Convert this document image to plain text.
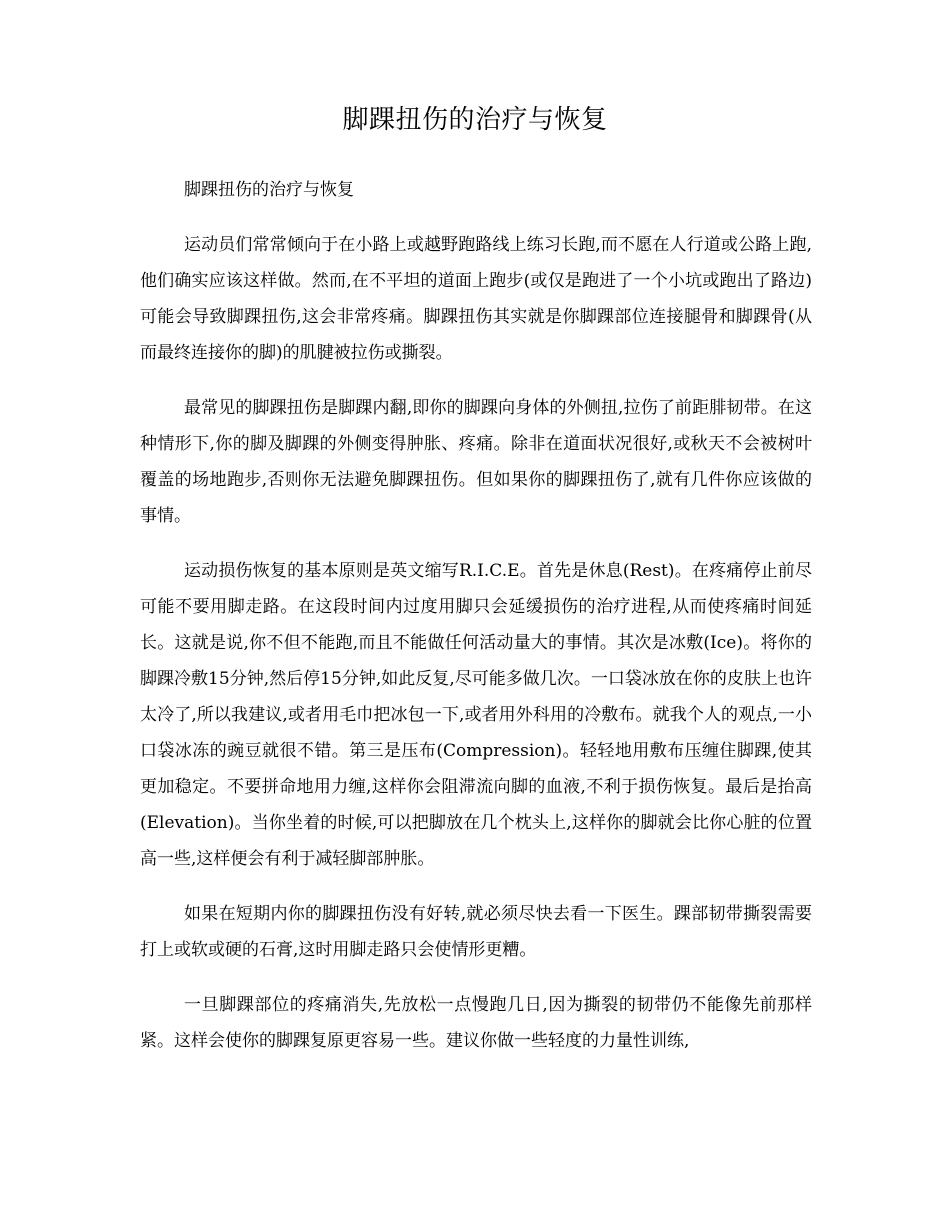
脚踝扭伤的治疗与恢复

脚踝扭伤的治疗与恢复

运动员们常常倾向于在小路上或越野跑路线上练习长跑,而不愿在人行道或公路上跑,他们确实应该这样做。然而,在不平坦的道面上跑步(或仅是跑进了一个小坑或跑出了路边)可能会导致脚踝扭伤,这会非常疼痛。脚踝扭伤其实就是你脚踝部位连接腿骨和脚踝骨(从而最终连接你的脚)的肌腱被拉伤或撕裂。

最常见的脚踝扭伤是脚踝内翻,即你的脚踝向身体的外侧扭,拉伤了前距腓韧带。在这种情形下,你的脚及脚踝的外侧变得肿胀、疼痛。除非在道面状况很好,或秋天不会被树叶覆盖的场地跑步,否则你无法避免脚踝扭伤。但如果你的脚踝扭伤了,就有几件你应该做的事情。

运动损伤恢复的基本原则是英文缩写R.I.C.E。首先是休息(Rest)。在疼痛停止前尽可能不要用脚走路。在这段时间内过度用脚只会延缓损伤的治疗进程,从而使疼痛时间延长。这就是说,你不但不能跑,而且不能做任何活动量大的事情。其次是冰敷(Ice)。将你的脚踝冷敷15分钟,然后停15分钟,如此反复,尽可能多做几次。一口袋冰放在你的皮肤上也许太冷了,所以我建议,或者用毛巾把冰包一下,或者用外科用的冷敷布。就我个人的观点,一小口袋冰冻的豌豆就很不错。第三是压布(Compression)。轻轻地用敷布压缠住脚踝,使其更加稳定。不要拼命地用力缠,这样你会阻滞流向脚的血液,不利于损伤恢复。最后是抬高(Elevation)。当你坐着的时候,可以把脚放在几个枕头上,这样你的脚就会比你心脏的位置高一些,这样便会有利于减轻脚部肿胀。

如果在短期内你的脚踝扭伤没有好转,就必须尽快去看一下医生。踝部韧带撕裂需要打上或软或硬的石膏,这时用脚走路只会使情形更糟。

一旦脚踝部位的疼痛消失,先放松一点慢跑几日,因为撕裂的韧带仍不能像先前那样紧。这样会使你的脚踝复原更容易一些。建议你做一些轻度的力量性训练,
